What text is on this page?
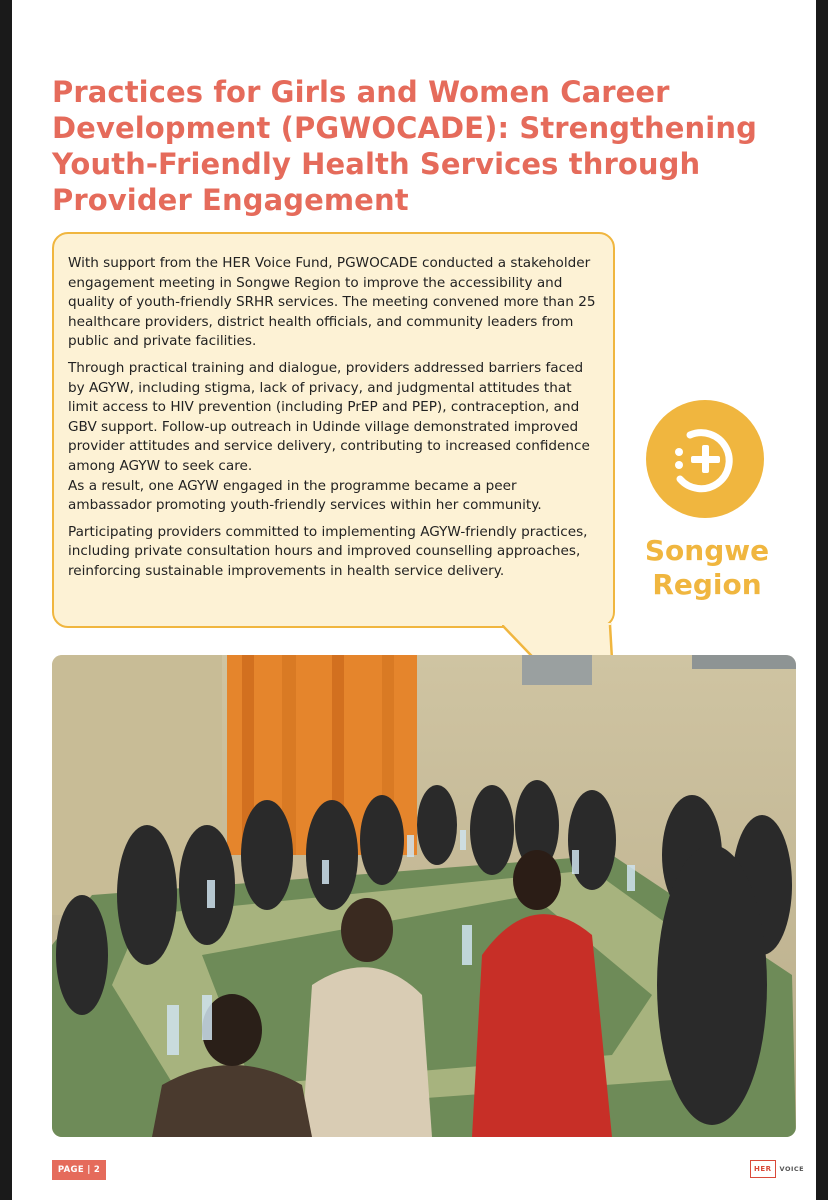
Practices for Girls and Women Career Development (PGWOCADE): Strengthening Youth-Friendly Health Services through Provider Engagement

With support from the HER Voice Fund, PGWOCADE conducted a stakeholder engagement meeting in Songwe Region to improve the accessibility and quality of youth-friendly SRHR services. The meeting convened more than 25 healthcare providers, district health officials, and community leaders from public and private facilities.

Through practical training and dialogue, providers addressed barriers faced by AGYW, including stigma, lack of privacy, and judgmental attitudes that limit access to HIV prevention (including PrEP and PEP), contraception, and GBV support. Follow-up outreach in Udinde village demonstrated improved provider attitudes and service delivery, contributing to increased confidence among AGYW to seek care.

As a result, one AGYW engaged in the programme became a peer ambassador promoting youth-friendly services within her community.

Participating providers committed to implementing AGYW-friendly practices, including private consultation hours and improved counselling approaches, reinforcing sustainable improvements in health service delivery.

Songwe
Region
PAGE | 2	HER	VOICE
